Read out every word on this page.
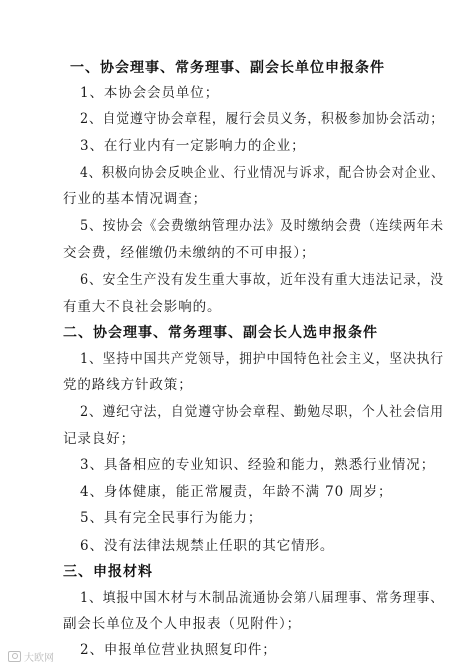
一、协会理事、常务理事、副会长单位申报条件
1、本协会会员单位；
2、自觉遵守协会章程，履行会员义务，积极参加协会活动；
3、在行业内有一定影响力的企业；
4、积极向协会反映企业、行业情况与诉求，配合协会对企业、
行业的基本情况调查；
5、按协会《会费缴纳管理办法》及时缴纳会费（连续两年未
交会费，经催缴仍未缴纳的不可申报）；
6、安全生产没有发生重大事故，近年没有重大违法记录，没
有重大不良社会影响的。
二、协会理事、常务理事、副会长人选申报条件
1、坚持中国共产党领导，拥护中国特色社会主义，坚决执行
党的路线方针政策；
2、遵纪守法，自觉遵守协会章程、勤勉尽职，个人社会信用
记录良好；
3、具备相应的专业知识、经验和能力，熟悉行业情况；
4、身体健康，能正常履责，年龄不满 70 周岁；
5、具有完全民事行为能力；
6、没有法律法规禁止任职的其它情形。
三、申报材料
1、填报中国木材与木制品流通协会第八届理事、常务理事、
副会长单位及个人申报表（见附件）；
2、申报单位营业执照复印件；
大欧网
